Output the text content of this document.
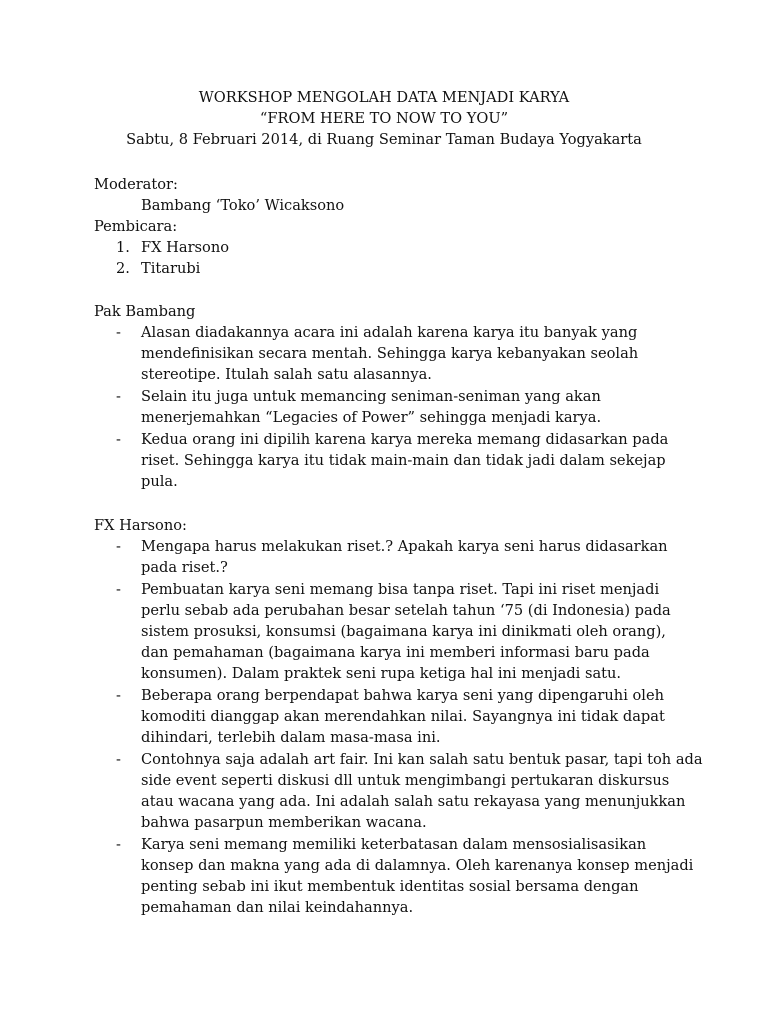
WORKSHOP MENGOLAH DATA MENJADI KARYA
“FROM HERE TO NOW TO YOU”
Sabtu, 8 Februari 2014, di Ruang Seminar Taman Budaya Yogyakarta
Moderator:
Bambang ‘Toko’ Wicaksono
Pembicara:
1. FX Harsono
2. Titarubi
Pak Bambang
- Alasan diadakannya acara ini adalah karena karya itu banyak yang
mendefinisikan secara mentah. Sehingga karya kebanyakan seolah
stereotipe. Itulah salah satu alasannya.
- Selain itu juga untuk memancing seniman-seniman yang akan
menerjemahkan “Legacies of Power” sehingga menjadi karya.
- Kedua orang ini dipilih karena karya mereka memang didasarkan pada
riset. Sehingga karya itu tidak main-main dan tidak jadi dalam sekejap
pula.
FX Harsono:
- Mengapa harus melakukan riset.? Apakah karya seni harus didasarkan
pada riset.?
- Pembuatan karya seni memang bisa tanpa riset. Tapi ini riset menjadi
perlu sebab ada perubahan besar setelah tahun ‘75 (di Indonesia) pada
sistem prosuksi, konsumsi (bagaimana karya ini dinikmati oleh orang),
dan pemahaman (bagaimana karya ini memberi informasi baru pada
konsumen). Dalam praktek seni rupa ketiga hal ini menjadi satu.
- Beberapa orang berpendapat bahwa karya seni yang dipengaruhi oleh
komoditi dianggap akan merendahkan nilai. Sayangnya ini tidak dapat
dihindari, terlebih dalam masa-masa ini.
- Contohnya saja adalah art fair. Ini kan salah satu bentuk pasar, tapi toh ada
side event seperti diskusi dll untuk mengimbangi pertukaran diskursus
atau wacana yang ada. Ini adalah salah satu rekayasa yang menunjukkan
bahwa pasarpun memberikan wacana.
- Karya seni memang memiliki keterbatasan dalam mensosialisasikan
konsep dan makna yang ada di dalamnya. Oleh karenanya konsep menjadi
penting sebab ini ikut membentuk identitas sosial bersama dengan
pemahaman dan nilai keindahannya.
